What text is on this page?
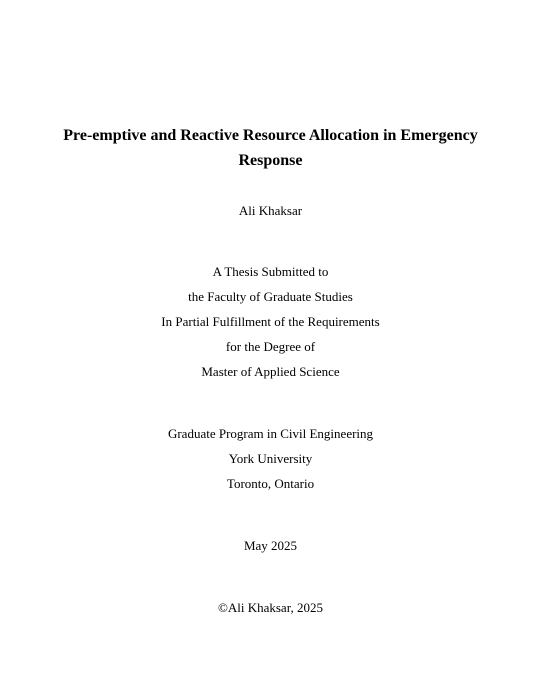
Pre-emptive and Reactive Resource Allocation in Emergency
Response
Ali Khaksar
A Thesis Submitted to
the Faculty of Graduate Studies
In Partial Fulfillment of the Requirements
for the Degree of
Master of Applied Science
Graduate Program in Civil Engineering
York University
Toronto, Ontario
May 2025
©Ali Khaksar, 2025
